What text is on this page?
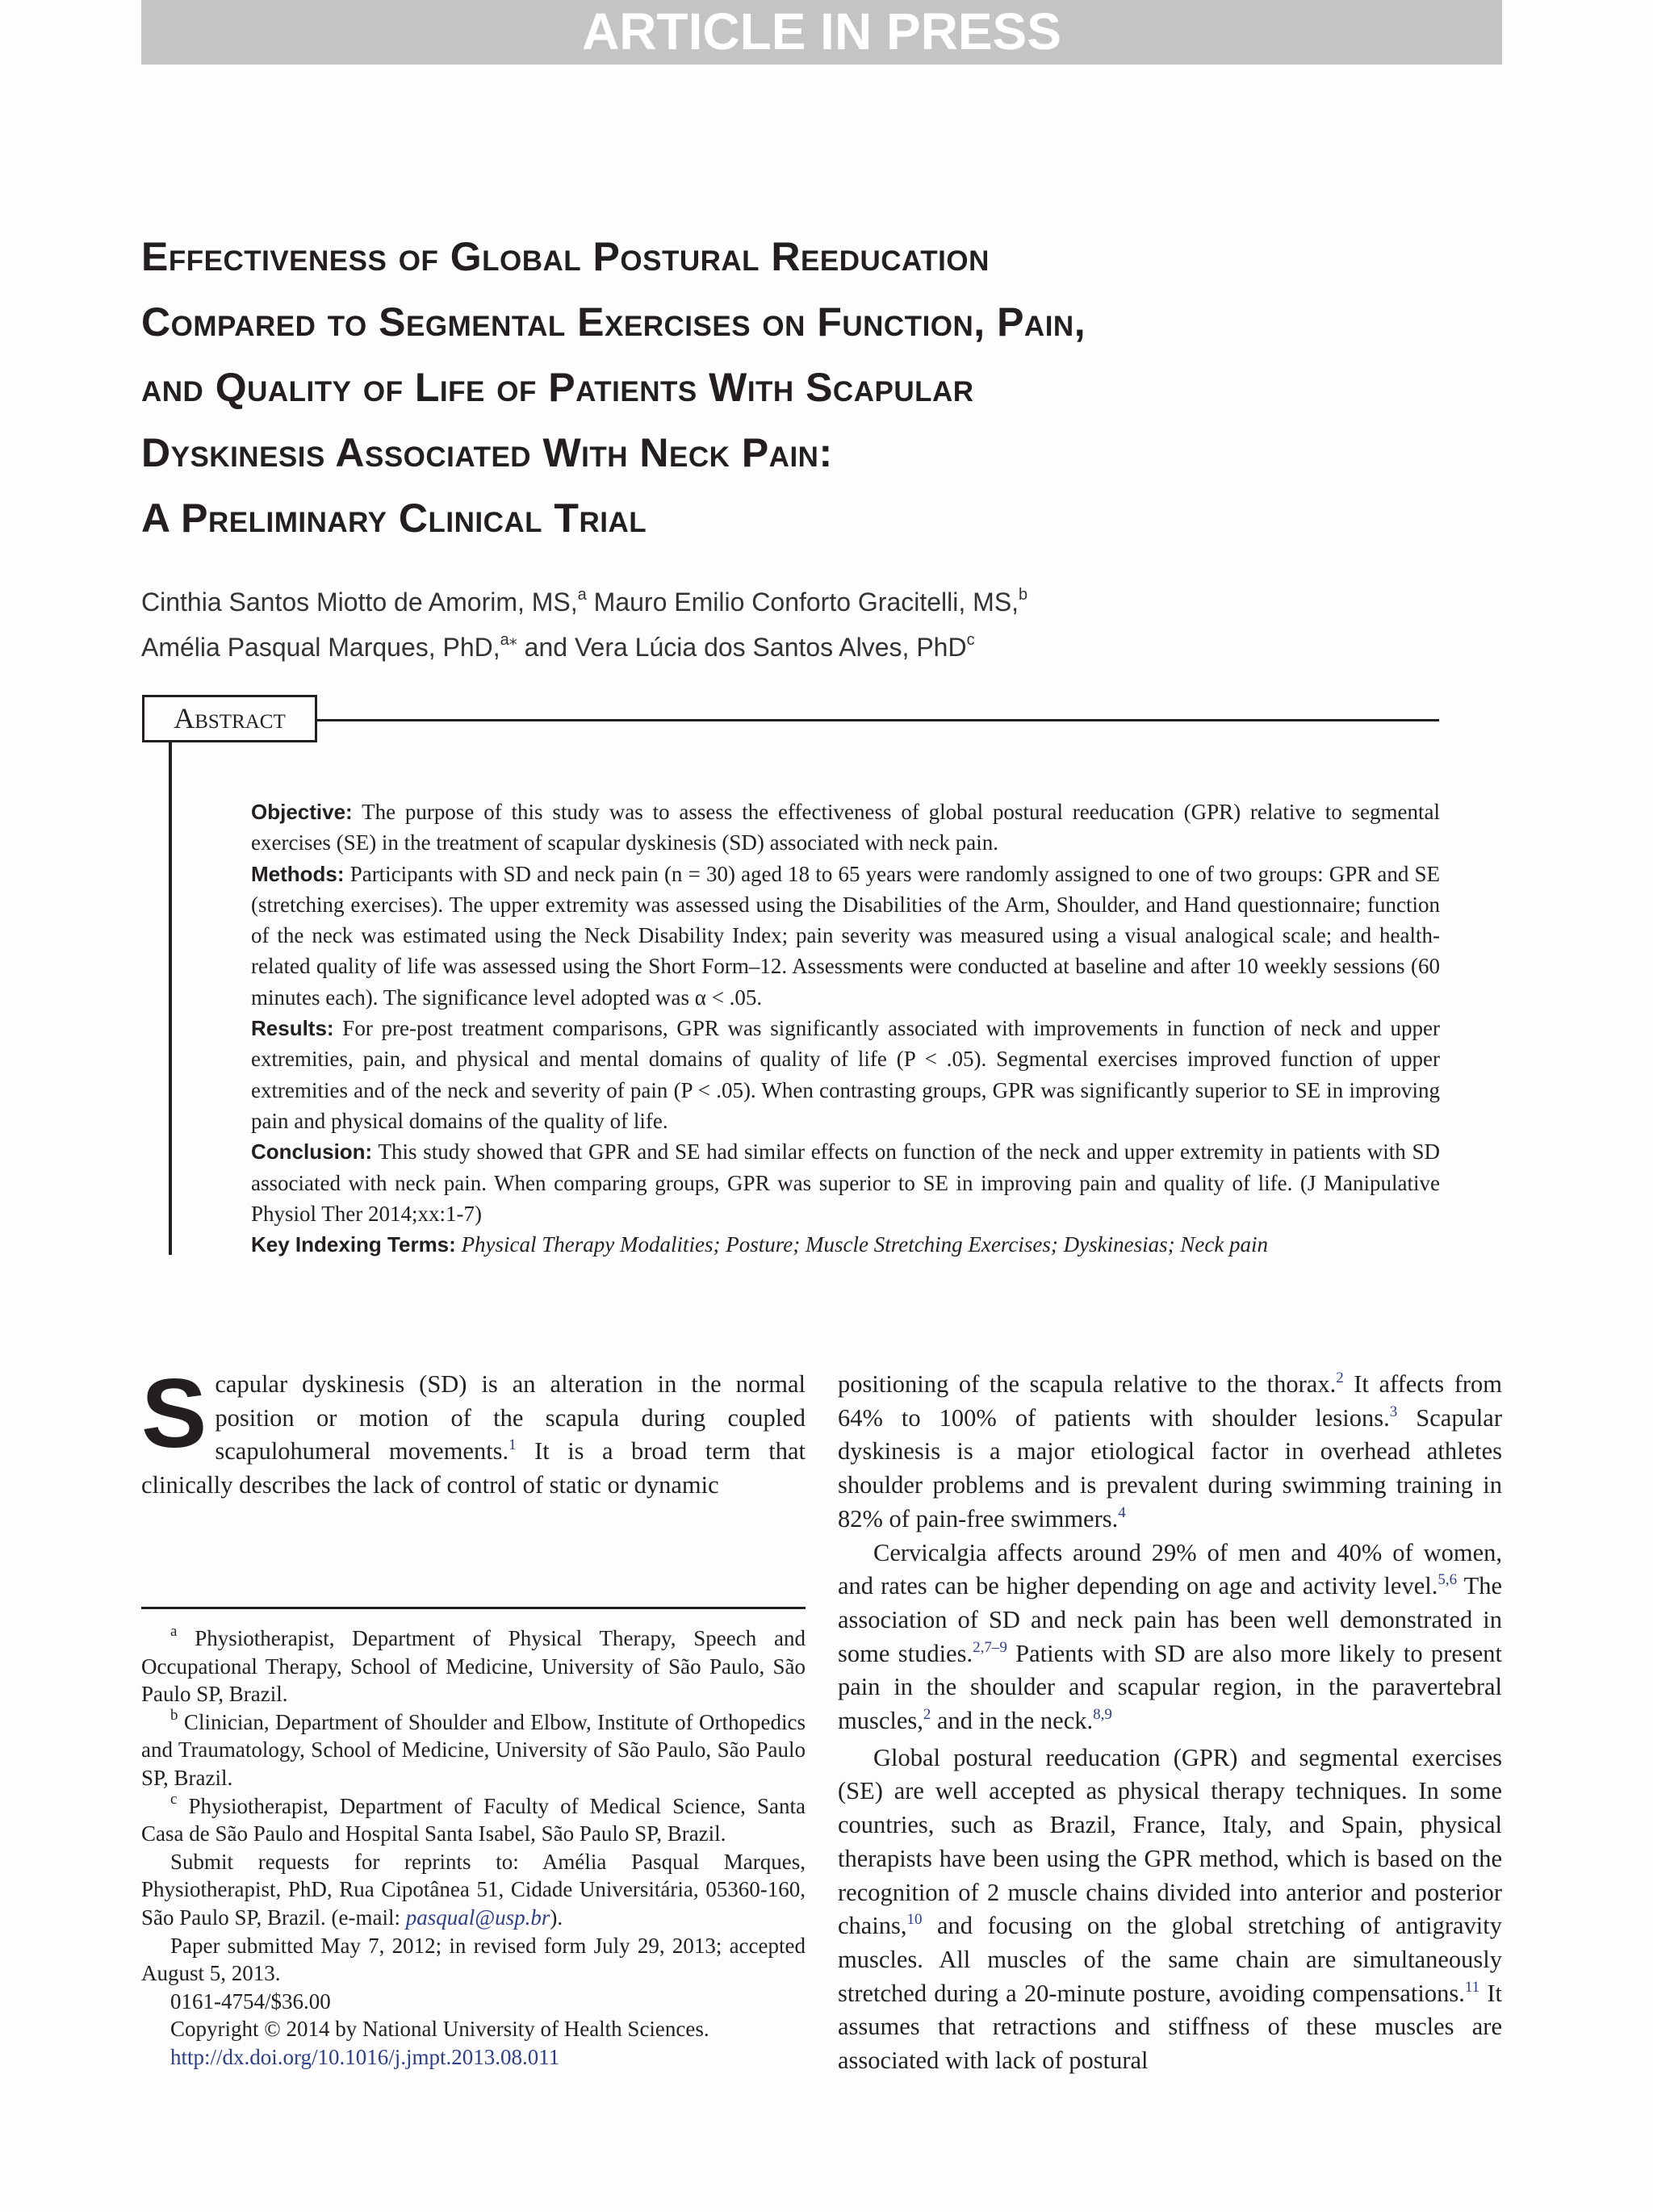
ARTICLE IN PRESS
Effectiveness of Global Postural Reeducation
Compared to Segmental Exercises on Function, Pain,
and Quality of Life of Patients With Scapular
Dyskinesis Associated With Neck Pain:
A Preliminary Clinical Trial
Cinthia Santos Miotto de Amorim, MS,$^a$ Mauro Emilio Conforto Gracitelli, MS,$^b$
Amélia Pasqual Marques, PhD,$^{a⁎}$ and Vera Lúcia dos Santos Alves, PhD$^c$
Abstract

Objective: The purpose of this study was to assess the effectiveness of global postural reeducation (GPR) relative to segmental exercises (SE) in the treatment of scapular dyskinesis (SD) associated with neck pain.

Methods: Participants with SD and neck pain (n = 30) aged 18 to 65 years were randomly assigned to one of two groups: GPR and SE (stretching exercises). The upper extremity was assessed using the Disabilities of the Arm, Shoulder, and Hand questionnaire; function of the neck was estimated using the Neck Disability Index; pain severity was measured using a visual analogical scale; and health-related quality of life was assessed using the Short Form–12. Assessments were conducted at baseline and after 10 weekly sessions (60 minutes each). The significance level adopted was α < .05.

Results: For pre-post treatment comparisons, GPR was significantly associated with improvements in function of neck and upper extremities, pain, and physical and mental domains of quality of life (P < .05). Segmental exercises improved function of upper extremities and of the neck and severity of pain (P < .05). When contrasting groups, GPR was significantly superior to SE in improving pain and physical domains of the quality of life.

Conclusion: This study showed that GPR and SE had similar effects on function of the neck and upper extremity in patients with SD associated with neck pain. When comparing groups, GPR was superior to SE in improving pain and quality of life. (J Manipulative Physiol Ther 2014;xx:1-7)

Key Indexing Terms: Physical Therapy Modalities; Posture; Muscle Stretching Exercises; Dyskinesias; Neck pain

Scapular dyskinesis (SD) is an alteration in the normal position or motion of the scapula during coupled scapulohumeral movements.$^1$ It is a broad term that clinically describes the lack of control of static or dynamic

positioning of the scapula relative to the thorax.$^2$ It affects from 64% to 100% of patients with shoulder lesions.$^3$ Scapular dyskinesis is a major etiological factor in overhead athletes shoulder problems and is prevalent during swimming training in 82% of pain-free swimmers.$^4$

Cervicalgia affects around 29% of men and 40% of women, and rates can be higher depending on age and activity level.$^{5,6}$ The association of SD and neck pain has been well demonstrated in some studies.$^{2,7-9}$ Patients with SD are also more likely to present pain in the shoulder and scapular region, in the paravertebral muscles,$^2$ and in the neck.$^{8,9}$

Global postural reeducation (GPR) and segmental exercises (SE) are well accepted as physical therapy techniques. In some countries, such as Brazil, France, Italy, and Spain, physical therapists have been using the GPR method, which is based on the recognition of 2 muscle chains divided into anterior and posterior chains,$^{10}$ and focusing on the global stretching of antigravity muscles. All muscles of the same chain are simultaneously stretched during a 20-minute posture, avoiding compensations.$^{11}$ It assumes that retractions and stiffness of these muscles are associated with lack of postural

$^a$ Physiotherapist, Department of Physical Therapy, Speech and Occupational Therapy, School of Medicine, University of São Paulo, São Paulo SP, Brazil.

$^b$ Clinician, Department of Shoulder and Elbow, Institute of Orthopedics and Traumatology, School of Medicine, University of São Paulo, São Paulo SP, Brazil.

$^c$ Physiotherapist, Department of Faculty of Medical Science, Santa Casa de São Paulo and Hospital Santa Isabel, São Paulo SP, Brazil.

Submit requests for reprints to: Amélia Pasqual Marques, Physiotherapist, PhD, Rua Cipotânea 51, Cidade Universitária, 05360-160, São Paulo SP, Brazil. (e-mail: pasqual@usp.br).

Paper submitted May 7, 2012; in revised form July 29, 2013; accepted August 5, 2013.

0161-4754/$36.00

Copyright © 2014 by National University of Health Sciences.

http://dx.doi.org/10.1016/j.jmpt.2013.08.011
